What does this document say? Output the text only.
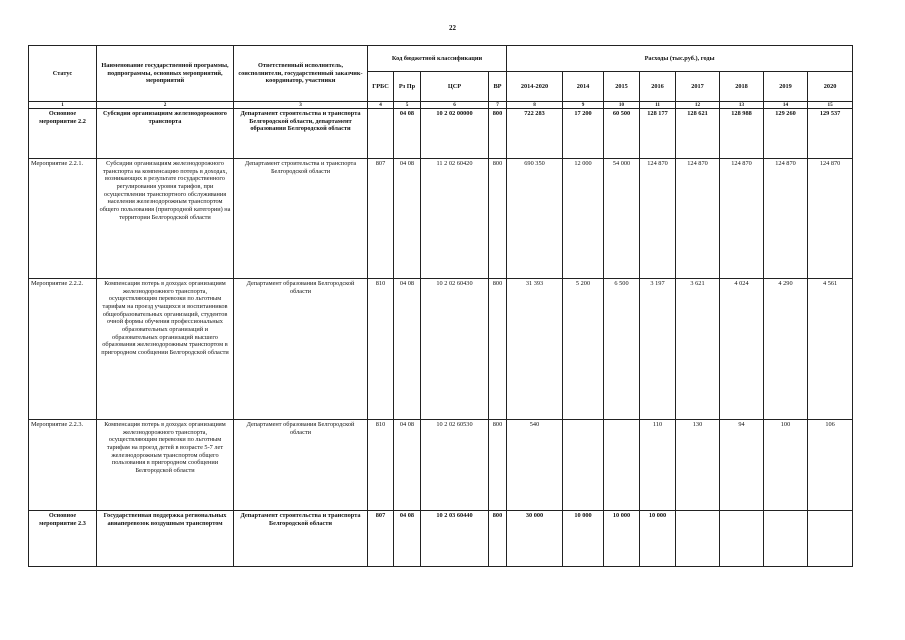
22
Статус	Наименование государственной программы, подпрограммы, основных мероприятий, мероприятий	Ответственный исполнитель, соисполнители, государственный заказчик-координатор, участники	Код бюджетной классификации				Расходы (тыс.руб.), годы							
			ГРБС	Рз Пр	ЦСР	ВР	2014-2020	2014	2015	2016	2017	2018	2019	2020
1	2	3	4	5	6	7	8	9	10	11	12	13	14	15
Основное мероприятие 2.2	Субсидии организациям железнодорожного транспорта	Департамент строительства и транспорта Белгородской области, департамент образования Белгородской области		04 08	10 2 02 00000	800	722 283	17 200	60 500	128 177	128 621	128 988	129 260	129 537
Мероприятие 2.2.1.	Субсидии организациям железнодорожного транспорта на компенсацию потерь в доходах, возникающих в результате государственного регулирования уровня тарифов, при осуществлении транспортного обслуживания населения железнодорожным транспортом общего пользования (пригородной категории) на территории Белгородской области	Департамент строительства и транспорта Белгородской области	807	04 08	11 2 02 60420	800	690 350	12 000	54 000	124 870	124 870	124 870	124 870	124 870
Мероприятие 2.2.2.	Компенсация потерь в доходах организациям железнодорожного транспорта, осуществляющим перевозки по льготным тарифам на проезд учащихся и воспитанников общеобразовательных организаций, студентов очной формы обучения профессиональных образовательных организаций и образовательных организаций высшего образования железнодорожным транспортом в пригородном сообщении Белгородской области	Департамент образования Белгородской области	810	04 08	10 2 02 60430	800	31 393	5 200	6 500	3 197	3 621	4 024	4 290	4 561
Мероприятие 2.2.3.	Компенсация потерь в доходах организациям железнодорожного транспорта, осуществляющим перевозки по льготным тарифам на проезд детей в возрасте 5-7 лет железнодорожным транспортом общего пользования в пригородном сообщении Белгородской области	Департамент образования Белгородской области	810	04 08	10 2 02 60530	800	540			110	130	94	100	106
Основное мероприятие 2.3	Государственная поддержка региональных авиаперевозок воздушным транспортом	Департамент строительства и транспорта Белгородской области	807	04 08	10 2 03 60440	800	30 000	10 000	10 000	10 000				
